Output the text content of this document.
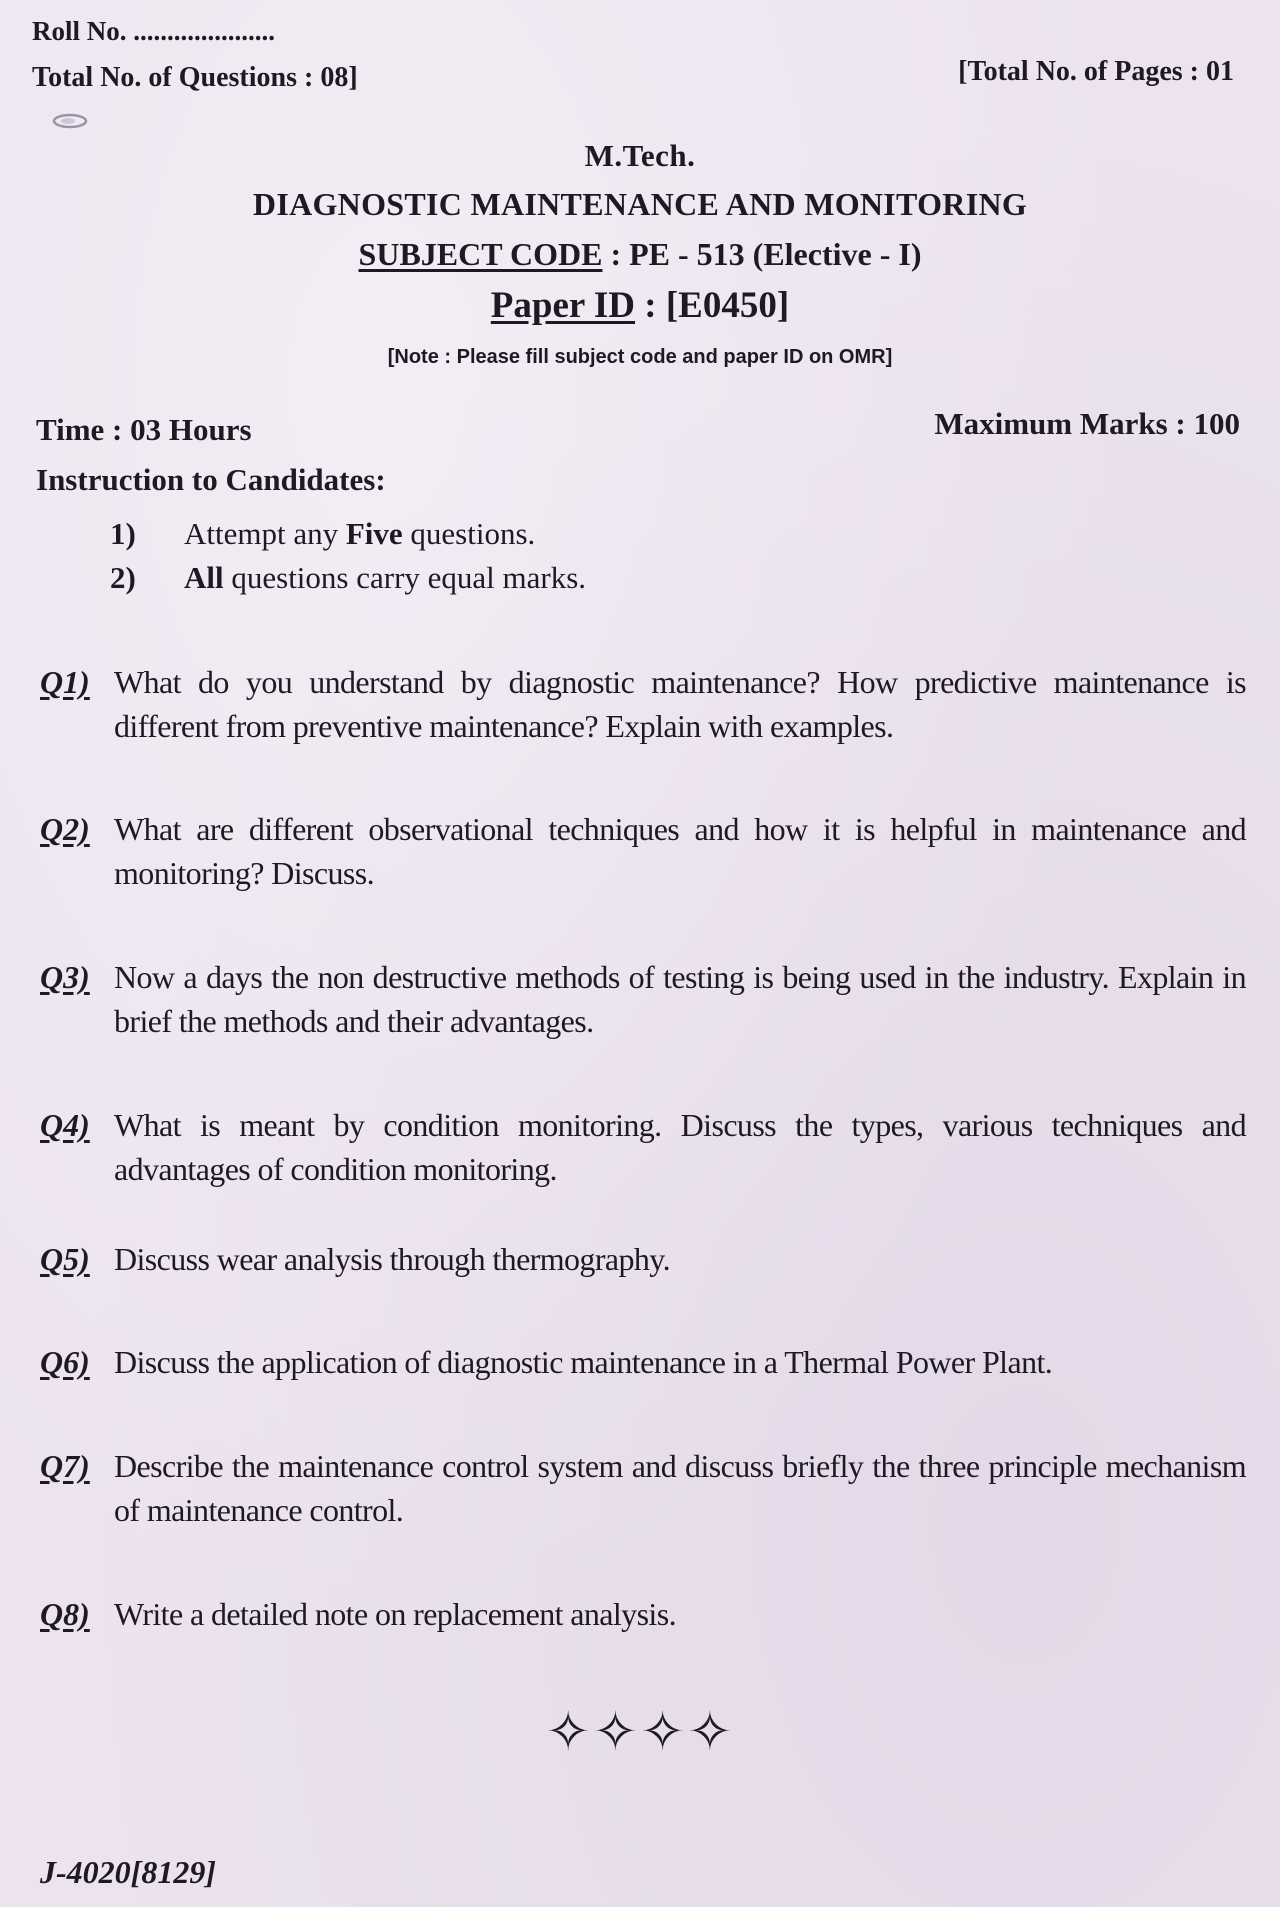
Roll No. .....................
Total No. of Questions : 08]	[Total No. of Pages : 01
M.Tech.
DIAGNOSTIC MAINTENANCE AND MONITORING
SUBJECT CODE : PE - 513 (Elective - I)
Paper ID : [E0450]
[Note : Please fill subject code and paper ID on OMR]
Time : 03 Hours	Maximum Marks : 100
Instruction to Candidates:
1) Attempt any Five questions.
2) All questions carry equal marks.
Q1) What do you understand by diagnostic maintenance? How predictive maintenance is different from preventive maintenance? Explain with examples.
Q2) What are different observational techniques and how it is helpful in maintenance and monitoring? Discuss.
Q3) Now a days the non destructive methods of testing is being used in the industry. Explain in brief the methods and their advantages.
Q4) What is meant by condition monitoring. Discuss the types, various techniques and advantages of condition monitoring.
Q5) Discuss wear analysis through thermography.
Q6) Discuss the application of diagnostic maintenance in a Thermal Power Plant.
Q7) Describe the maintenance control system and discuss briefly the three principle mechanism of maintenance control.
Q8) Write a detailed note on replacement analysis.
✧✧✧✧
J-4020[8129]
